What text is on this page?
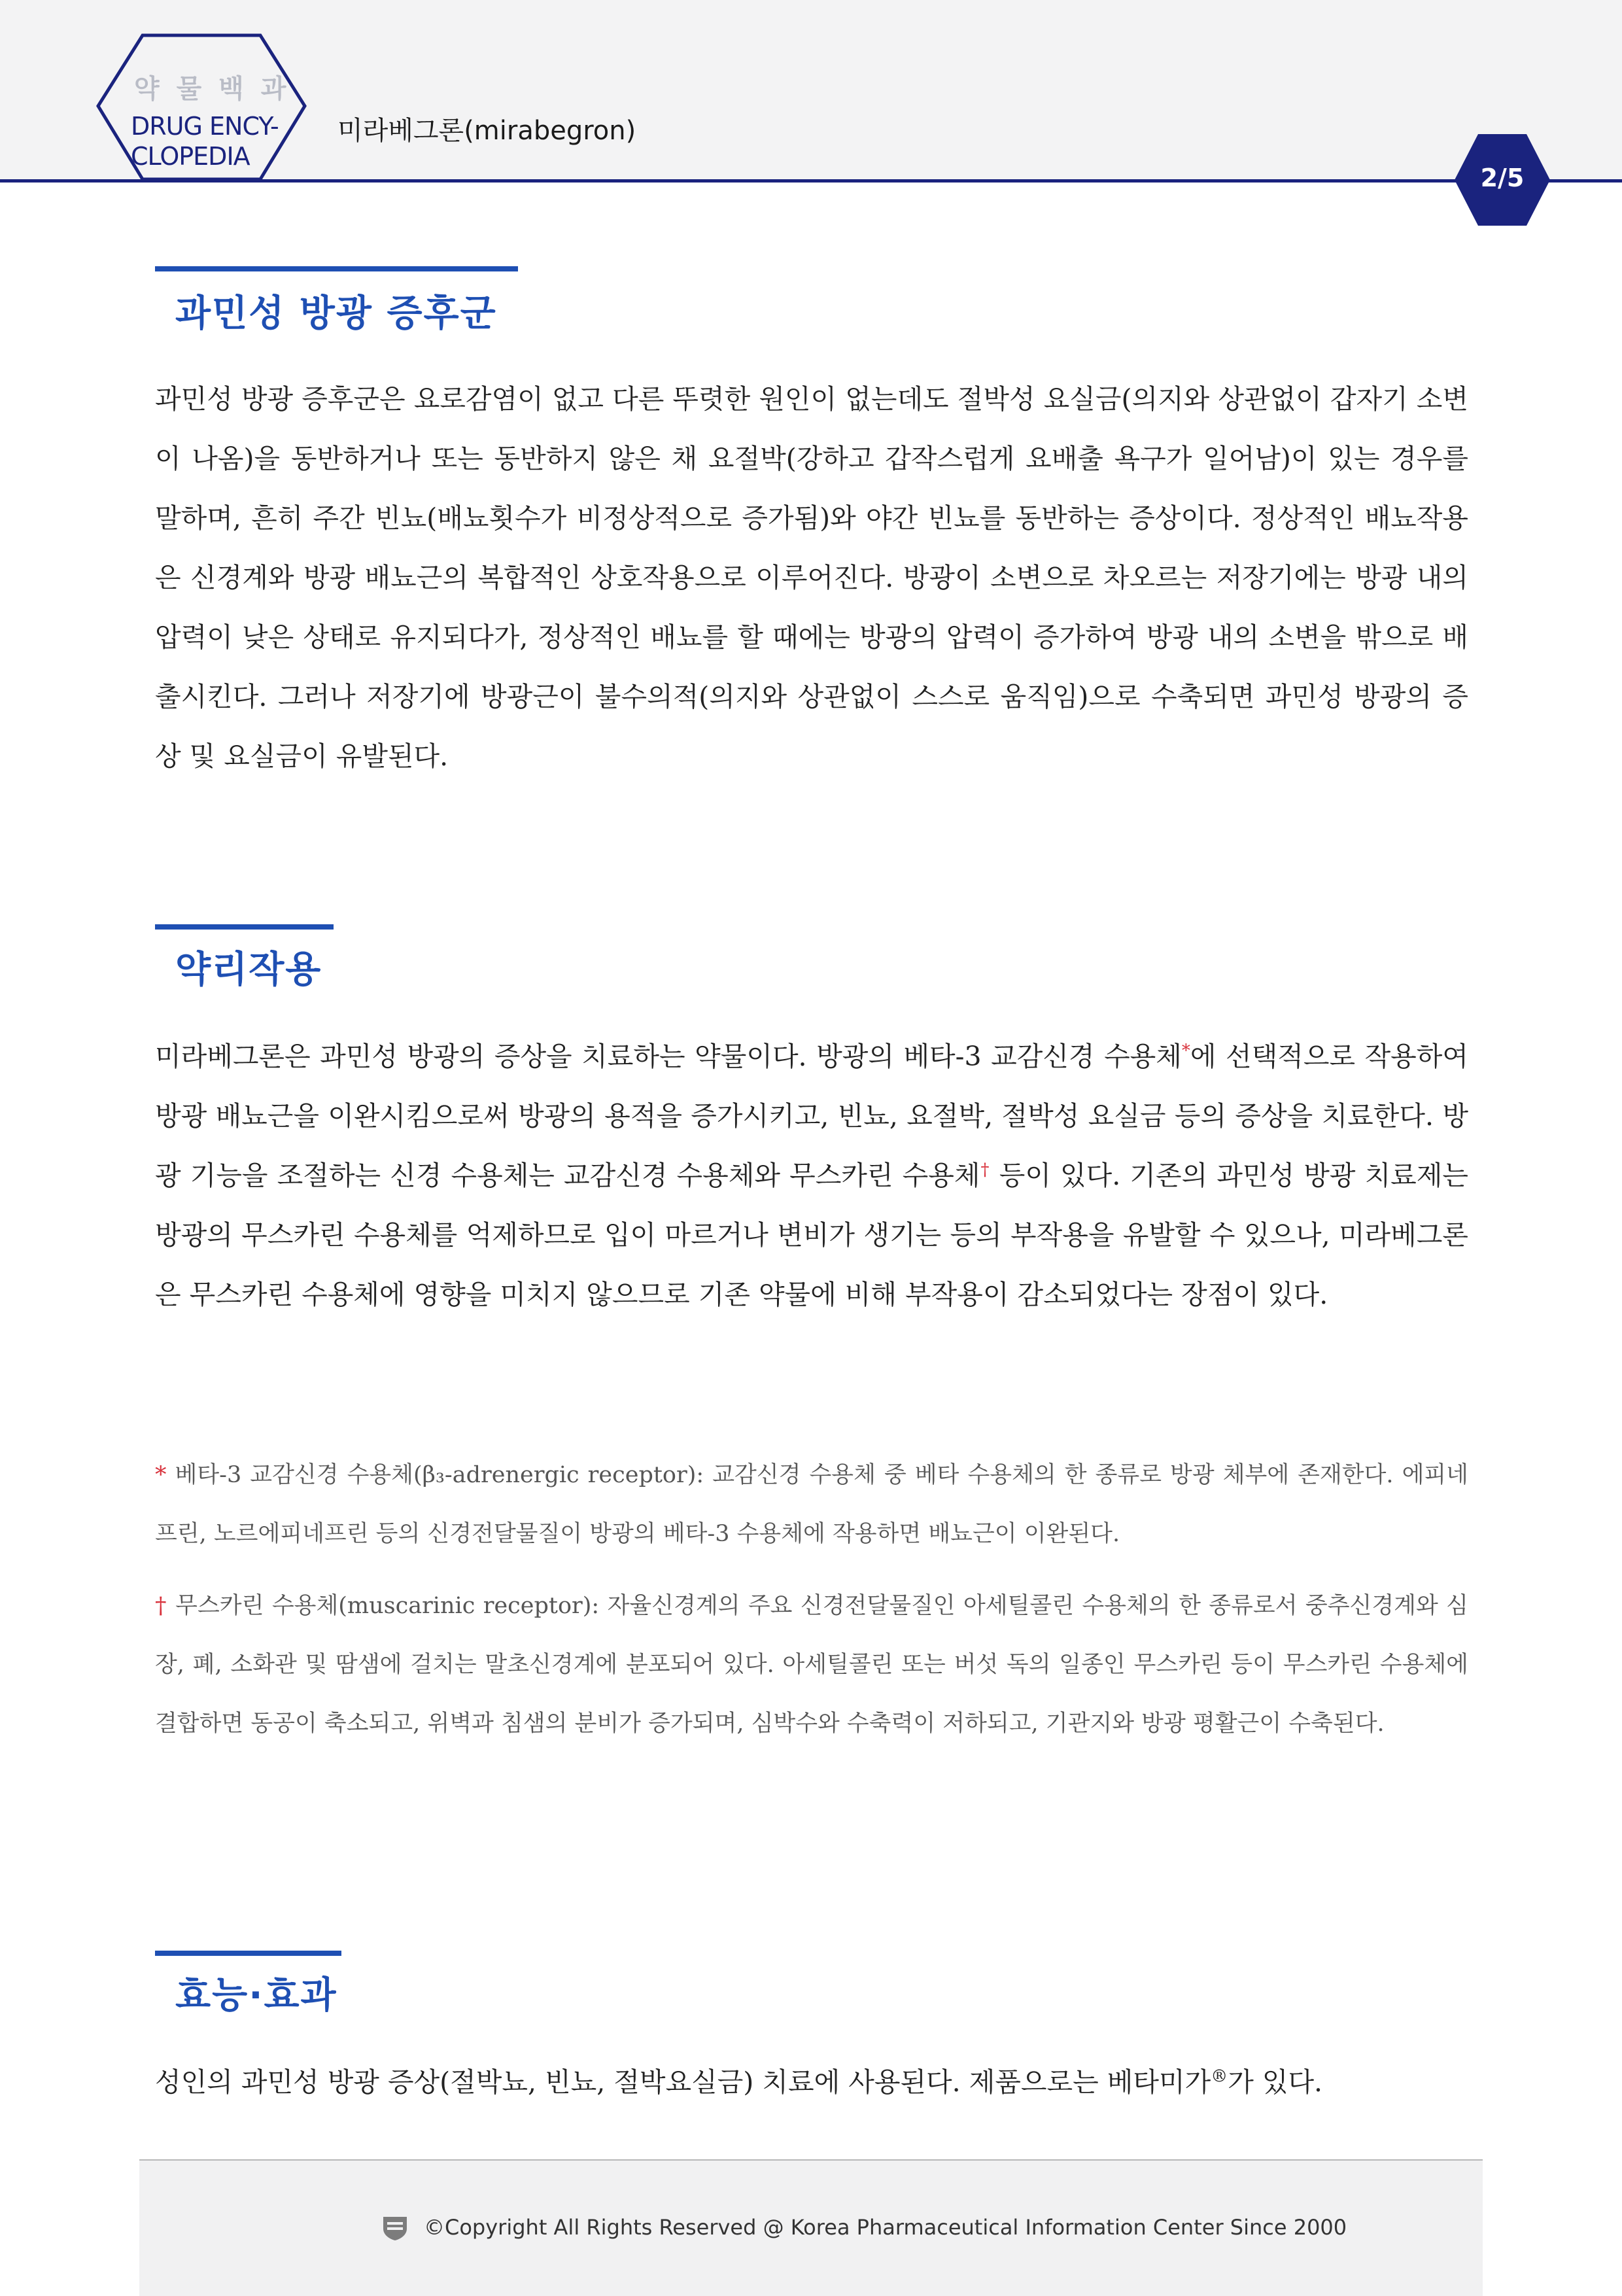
약 물 백 과
DRUG ENCY-
CLOPEDIA
미라베그론(mirabegron)
2/5
과민성 방광 증후군

과민성 방광 증후군은 요로감염이 없고 다른 뚜렷한 원인이 없는데도 절박성 요실금(의지와 상관없이 갑자기 소변이 나옴)을 동반하거나 또는 동반하지 않은 채 요절박(강하고 갑작스럽게 요배출 욕구가 일어남)이 있는 경우를 말하며, 흔히 주간 빈뇨(배뇨횟수가 비정상적으로 증가됨)와 야간 빈뇨를 동반하는 증상이다. 정상적인 배뇨작용은 신경계와 방광 배뇨근의 복합적인 상호작용으로 이루어진다. 방광이 소변으로 차오르는 저장기에는 방광 내의 압력이 낮은 상태로 유지되다가, 정상적인 배뇨를 할 때에는 방광의 압력이 증가하여 방광 내의 소변을 밖으로 배출시킨다. 그러나 저장기에 방광근이 불수의적(의지와 상관없이 스스로 움직임)으로 수축되면 과민성 방광의 증상 및 요실금이 유발된다.

약리작용

미라베그론은 과민성 방광의 증상을 치료하는 약물이다. 방광의 베타-3 교감신경 수용체*에 선택적으로 작용하여 방광 배뇨근을 이완시킴으로써 방광의 용적을 증가시키고, 빈뇨, 요절박, 절박성 요실금 등의 증상을 치료한다. 방광 기능을 조절하는 신경 수용체는 교감신경 수용체와 무스카린 수용체† 등이 있다. 기존의 과민성 방광 치료제는 방광의 무스카린 수용체를 억제하므로 입이 마르거나 변비가 생기는 등의 부작용을 유발할 수 있으나, 미라베그론은 무스카린 수용체에 영향을 미치지 않으므로 기존 약물에 비해 부작용이 감소되었다는 장점이 있다.

* 베타-3 교감신경 수용체(β₃-adrenergic receptor): 교감신경 수용체 중 베타 수용체의 한 종류로 방광 체부에 존재한다. 에피네프린, 노르에피네프린 등의 신경전달물질이 방광의 베타-3 수용체에 작용하면 배뇨근이 이완된다.

† 무스카린 수용체(muscarinic receptor): 자율신경계의 주요 신경전달물질인 아세틸콜린 수용체의 한 종류로서 중추신경계와 심장, 폐, 소화관 및 땀샘에 걸치는 말초신경계에 분포되어 있다. 아세틸콜린 또는 버섯 독의 일종인 무스카린 등이 무스카린 수용체에 결합하면 동공이 축소되고, 위벽과 침샘의 분비가 증가되며, 심박수와 수축력이 저하되고, 기관지와 방광 평활근이 수축된다.

효능·효과

성인의 과민성 방광 증상(절박뇨, 빈뇨, 절박요실금) 치료에 사용된다. 제품으로는 베타미가®가 있다.

©Copyright All Rights Reserved @ Korea Pharmaceutical Information Center Since 2000
